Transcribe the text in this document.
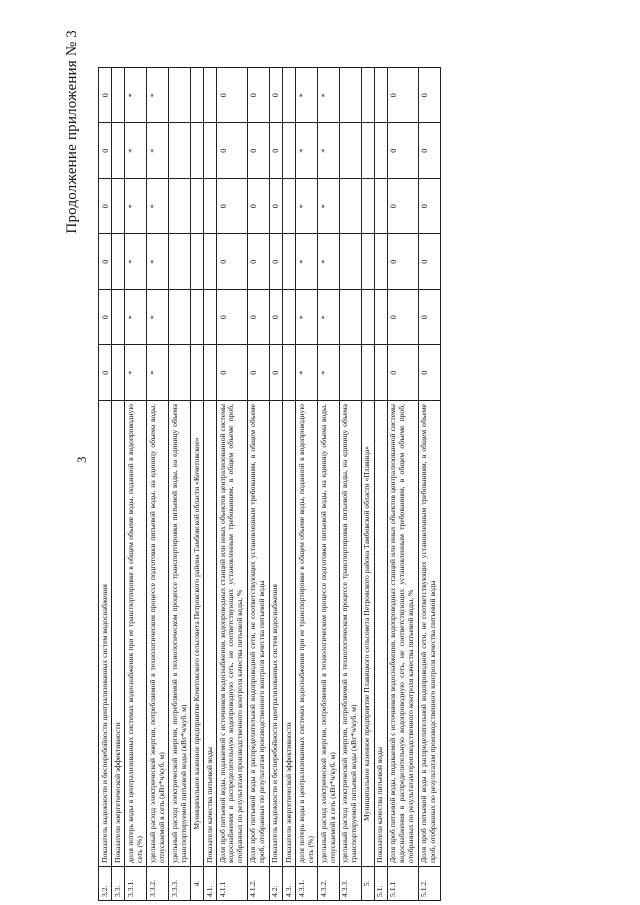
Продолжение приложения № 3
3
3.2.	Показатель надежности и бесперебойности централизованных систем водоснабжения	0	0	0	0	0	0
3.3.	Показатели энергетической эффективности						
3.3.1.	доля потерь воды в централизованных системах водоснабжения при ее транспортировке в общем объеме воды, поданной в водопроводную сеть (%)	*	*	*	*	*	*
3.3.2.	удельный расход электрической энергии, потребляемой в технологическом процессе подготовки питьевой воды, на единицу объема воды, отпускаемой в сеть (кВт*ч/куб. м)	*	*	*	*	*	*
3.3.3.	удельный расход электрической энергии, потребляемой в технологическом процессе транспортировки питьевой воды, на единицу объема транспортируемой питьевой воды (кВт*ч/куб. м)						
4.	Муниципальное казенное предприятие Кочетовского сельсовета Петровского района Тамбовской области «Кочетовское»						
4.1.	Показатели качества питьевой воды						
4.1.1	Доля проб питьевой воды, подаваемой с источников водоснабжения, водопроводных станций или иных объектов централизованной системы водоснабжения в распределительную водопроводную сеть, не соответствующих установленным требованиям, в общем объеме проб, отобранных по результатам производственного контроля качества питьевой воды, %	0	0	0	0	0	0
4.1.2.	Доля проб питьевой воды в распределительной водопроводной сети, не соответствующих установленным требованиям, в общем объеме проб, отобранных по результатам производственного контроля качества питьевой воды	0	0	0	0	0	0
4.2.	Показатель надежности и бесперебойности централизованных систем водоснабжения	0	0	0	0	0	0
4.3.	Показатели энергетической эффективности						
4.3.1.	доля потерь воды в централизованных системах водоснабжения при ее транспортировке в общем объеме воды, поданной в водопроводную сеть (%)	*	*	*	*	*	*
4.3.2.	удельный расход электрической энергии, потребляемой в технологическом процессе подготовки питьевой воды, на единицу объема воды, отпускаемой в сеть (кВт*ч/куб. м)	*	*	*	*	*	*
4.3.3.	удельный расход электрической энергии, потребляемой в технологическом процессе транспортировки питьевой воды, на единицу объема транспортируемой питьевой воды (кВт*ч/куб. м)						
5.	Муниципальное казенное предприятие Плавицкого сельсовета Петровского района Тамбовской области «Плавица»						
5.1.	Показатели качества питьевой воды						
5.1.1	Доля проб питьевой воды, подаваемой с источников водоснабжения, водопроводных станций или иных объектов централизованной системы водоснабжения в распределительную водопроводную сеть, не соответствующих установленным требованиям, в общем объеме проб, отобранных по результатам производственного контроля качества питьевой воды, %	0	0	0	0	0	0
5.1.2.	Доля проб питьевой воды в распределительной водопроводной сети, не соответствующих установленным требованиям, в общем объеме проб, отобранных по результатам производственного контроля качества питьевой воды	0	0	0	0	0	0
